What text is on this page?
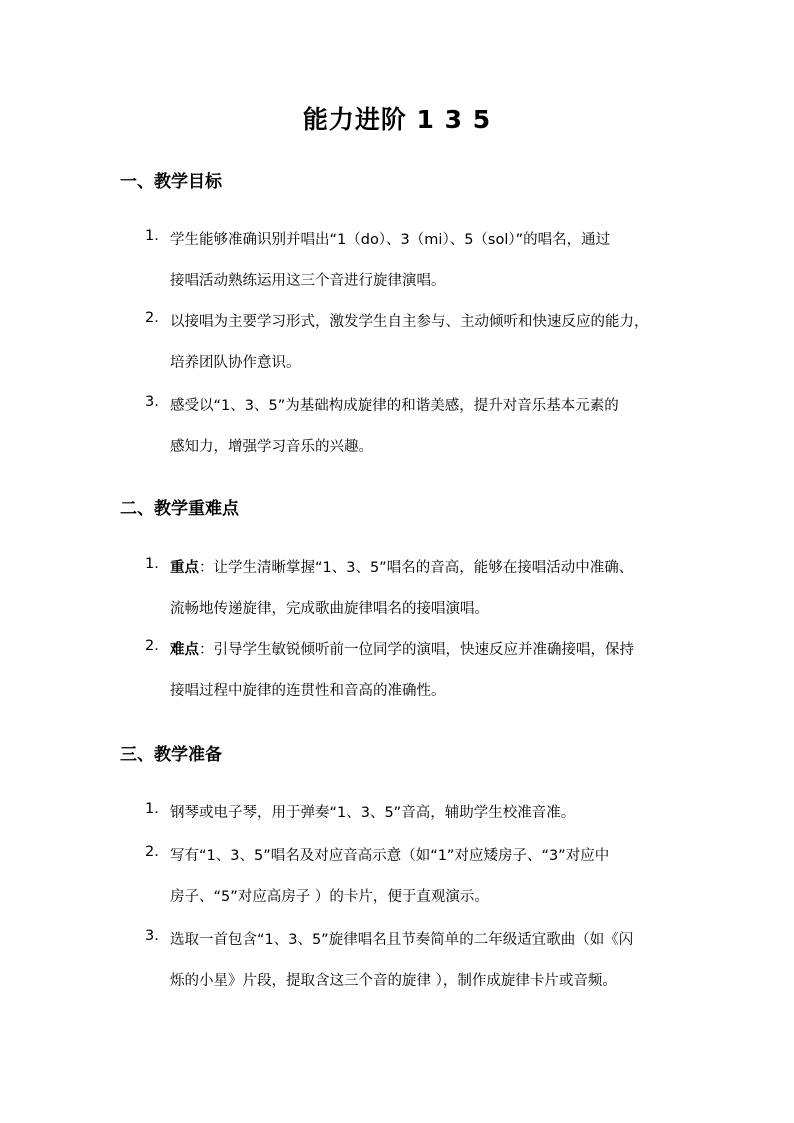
能力进阶 1 3 5
一、教学目标
1. 学生能够准确识别并唱出“1（do）、3（mi）、5（sol）”的唱名，通过
接唱活动熟练运用这三个音进行旋律演唱。
2. 以接唱为主要学习形式，激发学生自主参与、主动倾听和快速反应的能力，
培养团队协作意识。
3. 感受以“1、3、5”为基础构成旋律的和谐美感，提升对音乐基本元素的
感知力，增强学习音乐的兴趣。
二、教学重难点
1. 重点：让学生清晰掌握“1、3、5”唱名的音高，能够在接唱活动中准确、
流畅地传递旋律，完成歌曲旋律唱名的接唱演唱。
2. 难点：引导学生敏锐倾听前一位同学的演唱，快速反应并准确接唱，保持
接唱过程中旋律的连贯性和音高的准确性。
三、教学准备
1. 钢琴或电子琴，用于弹奏“1、3、5”音高，辅助学生校准音准。
2. 写有“1、3、5”唱名及对应音高示意（如“1”对应矮房子、“3”对应中
房子、“5”对应高房子 ）的卡片，便于直观演示。
3. 选取一首包含“1、3、5”旋律唱名且节奏简单的二年级适宜歌曲（如《闪
烁的小星》片段，提取含这三个音的旋律 ），制作成旋律卡片或音频。
